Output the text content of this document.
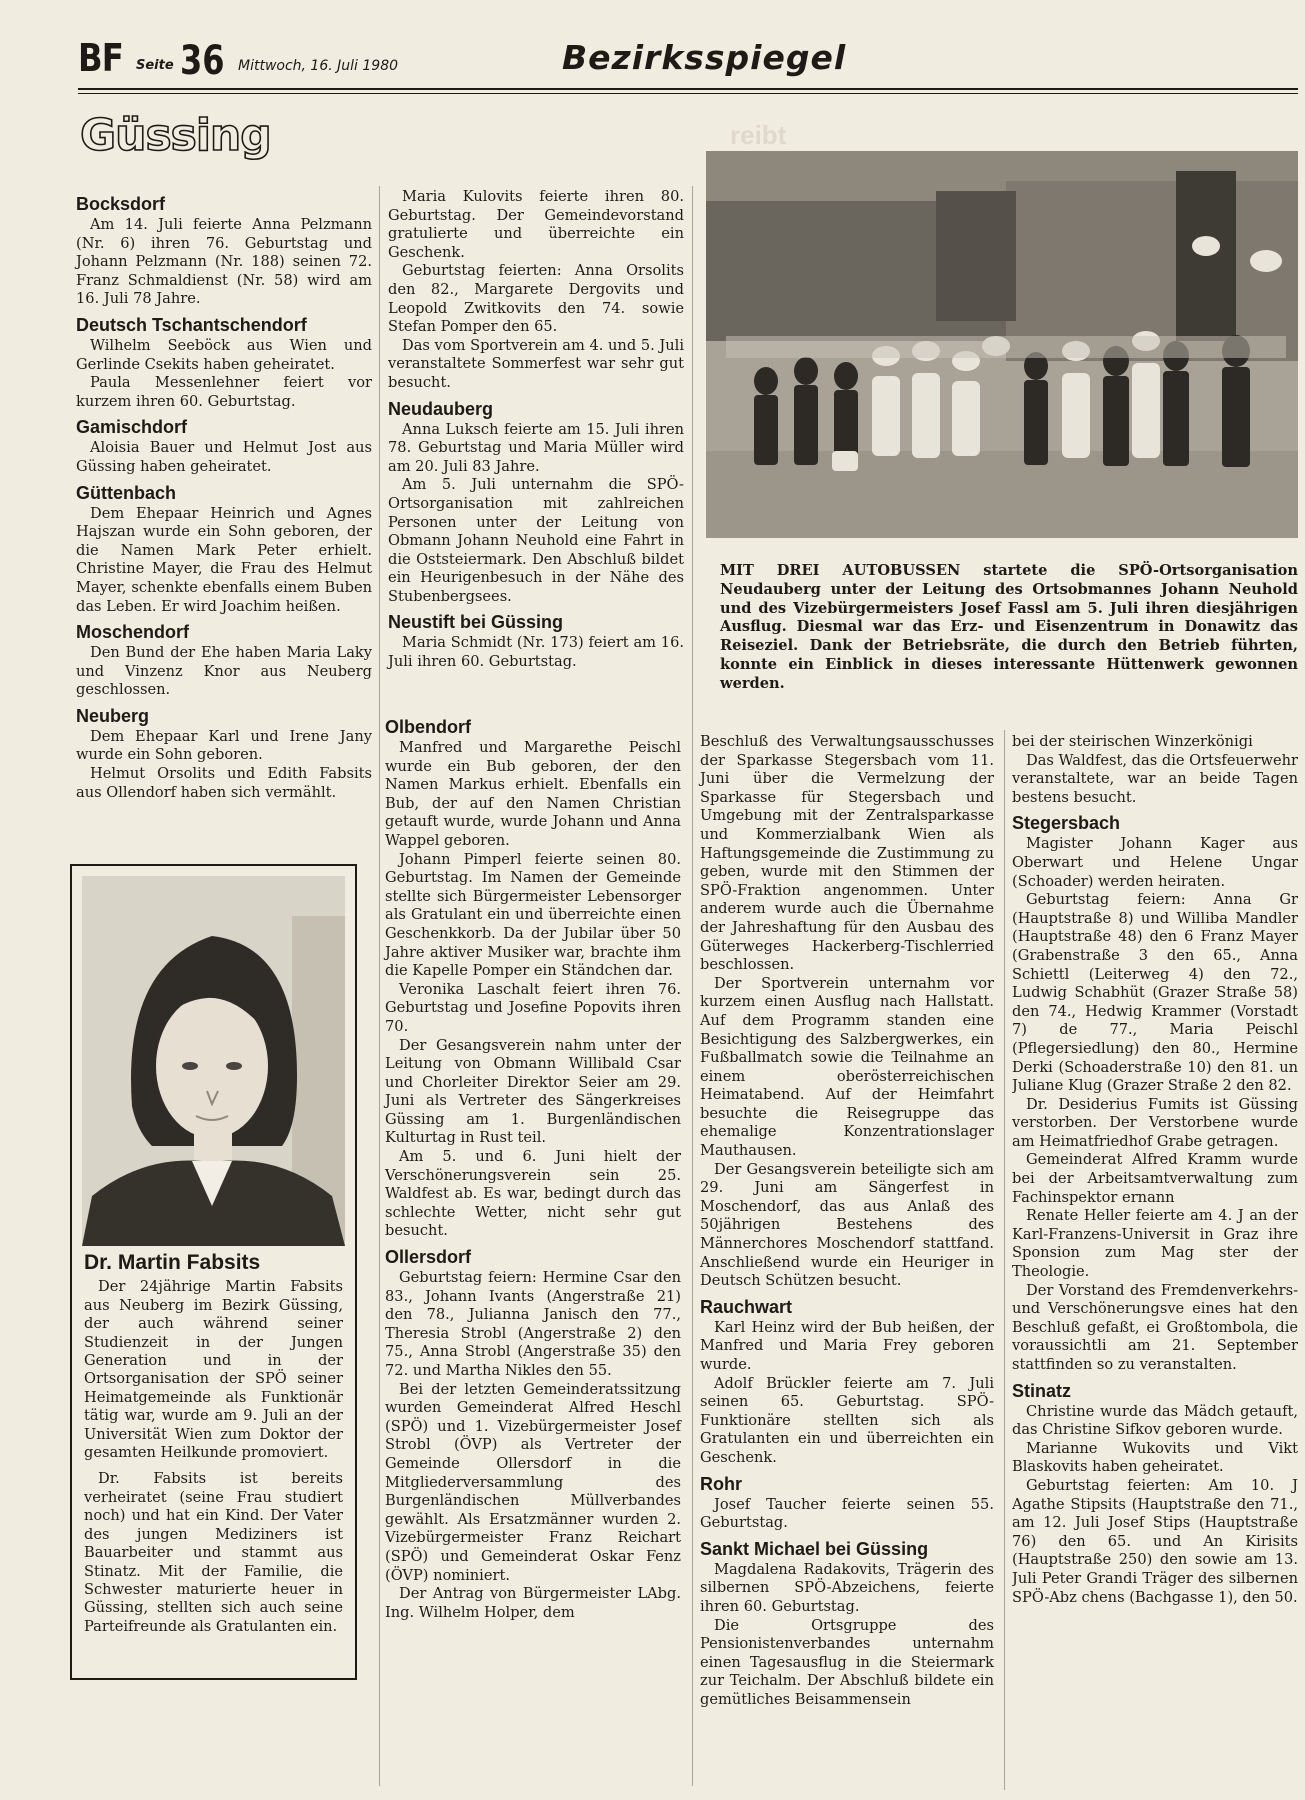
BF Seite 36 Mittwoch, 16. Juli 1980	Bezirksspiegel
Güssing	reibt
Bocksdorf

Am 14. Juli feierte Anna Pelzmann (Nr. 6) ihren 76. Geburtstag und Johann Pelzmann (Nr. 188) seinen 72. Franz Schmaldienst (Nr. 58) wird am 16. Juli 78 Jahre.

Deutsch Tschantschendorf

Wilhelm Seeböck aus Wien und Gerlinde Csekits haben geheiratet.

Paula Messenlehner feiert vor kurzem ihren 60. Geburtstag.

Gamischdorf

Aloisia Bauer und Helmut Jost aus Güssing haben geheiratet.

Güttenbach

Dem Ehepaar Heinrich und Agnes Hajszan wurde ein Sohn geboren, der die Namen Mark Peter erhielt. Christine Mayer, die Frau des Helmut Mayer, schenkte ebenfalls einem Buben das Leben. Er wird Joachim heißen.

Moschendorf

Den Bund der Ehe haben Maria Laky und Vinzenz Knor aus Neuberg geschlossen.

Neuberg

Dem Ehepaar Karl und Irene Jany wurde ein Sohn geboren.

Helmut Orsolits und Edith Fabsits aus Ollendorf haben sich vermählt.

Maria Kulovits feierte ihren 80. Geburtstag. Der Gemeindevorstand gratulierte und überreichte ein Geschenk.

Geburtstag feierten: Anna Orsolits den 82., Margarete Dergovits und Leopold Zwitkovits den 74. sowie Stefan Pomper den 65.

Das vom Sportverein am 4. und 5. Juli veranstaltete Sommerfest war sehr gut besucht.

Neudauberg

Anna Luksch feierte am 15. Juli ihren 78. Geburtstag und Maria Müller wird am 20. Juli 83 Jahre.

Am 5. Juli unternahm die SPÖ-Ortsorganisation mit zahlreichen Personen unter der Leitung von Obmann Johann Neuhold eine Fahrt in die Oststeiermark. Den Abschluß bildet ein Heurigenbesuch in der Nähe des Stubenbergsees.

Neustift bei Güssing

Maria Schmidt (Nr. 173) feiert am 16. Juli ihren 60. Geburtstag.

Olbendorf

Manfred und Margarethe Peischl wurde ein Bub geboren, der den Namen Markus erhielt. Ebenfalls ein Bub, der auf den Namen Christian getauft wurde, wurde Johann und Anna Wappel geboren.

Johann Pimperl feierte seinen 80. Geburtstag. Im Namen der Gemeinde stellte sich Bürgermeister Lebensorger als Gratulant ein und überreichte einen Geschenkkorb. Da der Jubilar über 50 Jahre aktiver Musiker war, brachte ihm die Kapelle Pomper ein Ständchen dar.

Veronika Laschalt feiert ihren 76. Geburtstag und Josefine Popovits ihren 70.

Der Gesangsverein nahm unter der Leitung von Obmann Willibald Csar und Chorleiter Direktor Seier am 29. Juni als Vertreter des Sängerkreises Güssing am 1. Burgenländischen Kulturtag in Rust teil.

Am 5. und 6. Juni hielt der Verschönerungsverein sein 25. Waldfest ab. Es war, bedingt durch das schlechte Wetter, nicht sehr gut besucht.

Ollersdorf

Geburtstag feiern: Hermine Csar den 83., Johann Ivants (Angerstraße 21) den 78., Julianna Janisch den 77., Theresia Strobl (Angerstraße 2) den 75., Anna Strobl (Angerstraße 35) den 72. und Martha Nikles den 55.

Bei der letzten Gemeinderatssitzung wurden Gemeinderat Alfred Heschl (SPÖ) und 1. Vizebürgermeister Josef Strobl (ÖVP) als Vertreter der Gemeinde Ollersdorf in die Mitgliederversammlung des Burgenländischen Müllverbandes gewählt. Als Ersatzmänner wurden 2. Vizebürgermeister Franz Reichart (SPÖ) und Gemeinderat Oskar Fenz (ÖVP) nominiert.

Der Antrag von Bürgermeister LAbg. Ing. Wilhelm Holper, dem

Beschluß des Verwaltungsausschusses der Sparkasse Stegersbach vom 11. Juni über die Vermelzung der Sparkasse für Stegersbach und Umgebung mit der Zentralsparkasse und Kommerzialbank Wien als Haftungsgemeinde die Zustimmung zu geben, wurde mit den Stimmen der SPÖ-Fraktion angenommen. Unter anderem wurde auch die Übernahme der Jahreshaftung für den Ausbau des Güterweges Hackerberg-Tischlerried beschlossen.

Der Sportverein unternahm vor kurzem einen Ausflug nach Hallstatt. Auf dem Programm standen eine Besichtigung des Salzbergwerkes, ein Fußballmatch sowie die Teilnahme an einem oberösterreichischen Heimatabend. Auf der Heimfahrt besuchte die Reisegruppe das ehemalige Konzentrationslager Mauthausen.

Der Gesangsverein beteiligte sich am 29. Juni am Sängerfest in Moschendorf, das aus Anlaß des 50jährigen Bestehens des Männerchores Moschendorf stattfand. Anschließend wurde ein Heuriger in Deutsch Schützen besucht.

Rauchwart

Karl Heinz wird der Bub heißen, der Manfred und Maria Frey geboren wurde.

Adolf Brückler feierte am 7. Juli seinen 65. Geburtstag. SPÖ-Funktionäre stellten sich als Gratulanten ein und überreichten ein Geschenk.

Rohr

Josef Taucher feierte seinen 55. Geburtstag.

Sankt Michael bei Güssing

Magdalena Radakovits, Trägerin des silbernen SPÖ-Abzeichens, feierte ihren 60. Geburtstag.

Die Ortsgruppe des Pensionistenverbandes unternahm einen Tagesausflug in die Steiermark zur Teichalm. Der Abschluß bildete ein gemütliches Beisammensein

bei der steirischen Winzerkönigi

Das Waldfest, das die Ortsfeuerwehr veranstaltete, war an beide Tagen bestens besucht.

Stegersbach

Magister Johann Kager aus Oberwart und Helene Ungar (Schoader) werden heiraten.

Geburtstag feiern: Anna Gr (Hauptstraße 8) und Williba Mandler (Hauptstraße 48) den 6 Franz Mayer (Grabenstraße 3 den 65., Anna Schiettl (Leiterweg 4) den 72., Ludwig Schabhüt (Grazer Straße 58) den 74., Hedwig Krammer (Vorstadt 7) de 77., Maria Peischl (Pflegersiedlung) den 80., Hermine Derki (Schoaderstraße 10) den 81. un Juliane Klug (Grazer Straße 2 den 82.

Dr. Desiderius Fumits ist Güssing verstorben. Der Verstorbene wurde am Heimatfriedhof Grabe getragen.

Gemeinderat Alfred Kramm wurde bei der Arbeitsamtverwaltung zum Fachinspektor ernann

Renate Heller feierte am 4. J an der Karl-Franzens-Universit in Graz ihre Sponsion zum Mag ster der Theologie.

Der Vorstand des Fremdenverkehrs- und Verschönerungsve eines hat den Beschluß gefaßt, ei Großtombola, die voraussichtli am 21. September stattfinden so zu veranstalten.

Stinatz

Christine wurde das Mädch getauft, das Christine Sifkov geboren wurde.

Marianne Wukovits und Vikt Blaskovits haben geheiratet.

Geburtstag feierten: Am 10. J Agathe Stipsits (Hauptstraße den 71., am 12. Juli Josef Stips (Hauptstraße 76) den 65. und An Kirisits (Hauptstraße 250) den sowie am 13. Juli Peter Grandi Träger des silbernen SPÖ-Abz chens (Bachgasse 1), den 50.

MIT DREI AUTOBUSSEN startete die SPÖ-Ortsorganisation Neudauberg unter der Leitung des Ortsobmannes Johann Neuhold und des Vizebürgermeisters Josef Fassl am 5. Juli ihren diesjährigen Ausflug. Diesmal war das Erz- und Eisenzentrum in Donawitz das Reiseziel. Dank der Betriebsräte, die durch den Betrieb führten, konnte ein Einblick in dieses interessante Hüttenwerk gewonnen werden.
Dr. Martin Fabsits

Der 24jährige Martin Fabsits aus Neuberg im Bezirk Güssing, der auch während seiner Studienzeit in der Jungen Generation und in der Ortsorganisation der SPÖ seiner Heimatgemeinde als Funktionär tätig war, wurde am 9. Juli an der Universität Wien zum Doktor der gesamten Heilkunde promoviert.

Dr. Fabsits ist bereits verheiratet (seine Frau studiert noch) und hat ein Kind. Der Vater des jungen Mediziners ist Bauarbeiter und stammt aus Stinatz. Mit der Familie, die Schwester maturierte heuer in Güssing, stellten sich auch seine Parteifreunde als Gratulanten ein.
